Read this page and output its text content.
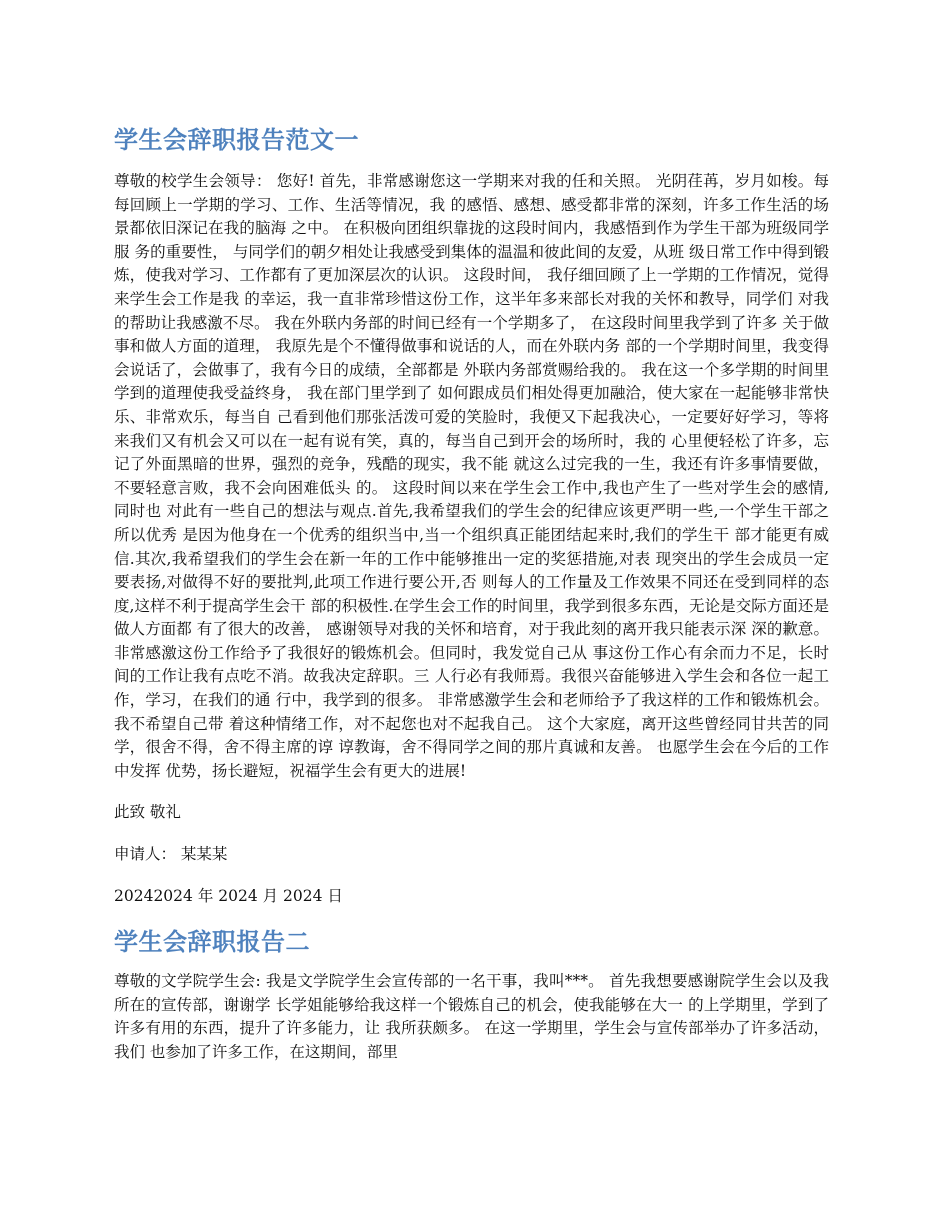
学生会辞职报告范文一

尊敬的校学生会领导： 您好! 首先，非常感谢您这一学期来对我的任和关照。 光阴荏苒，岁月如梭。每每回顾上一学期的学习、工作、生活等情况，我 的感悟、感想、感受都非常的深刻，许多工作生活的场景都依旧深记在我的脑海 之中。 在积极向团组织靠拢的这段时间内，我感悟到作为学生干部为班级同学服 务的重要性， 与同学们的朝夕相处让我感受到集体的温温和彼此间的友爱，从班 级日常工作中得到锻炼，使我对学习、工作都有了更加深层次的认识。 这段时间， 我仔细回顾了上一学期的工作情况，觉得来学生会工作是我 的幸运，我一直非常珍惜这份工作，这半年多来部长对我的关怀和教导，同学们 对我的帮助让我感激不尽。 我在外联内务部的时间已经有一个学期多了， 在这段时间里我学到了许多 关于做事和做人方面的道理， 我原先是个不懂得做事和说话的人，而在外联内务 部的一个学期时间里，我变得会说话了，会做事了，我有今日的成绩，全部都是 外联内务部赏赐给我的。 我在这一个多学期的时间里学到的道理使我受益终身， 我在部门里学到了 如何跟成员们相处得更加融洽，使大家在一起能够非常快乐、非常欢乐，每当自 己看到他们那张活泼可爱的笑脸时，我便又下起我决心，一定要好好学习，等将 来我们又有机会又可以在一起有说有笑，真的，每当自己到开会的场所时，我的 心里便轻松了许多，忘记了外面黑暗的世界，强烈的竞争，残酷的现实，我不能 就这么过完我的一生，我还有许多事情要做，不要轻意言败，我不会向困难低头 的。 这段时间以来在学生会工作中,我也产生了一些对学生会的感情,同时也 对此有一些自己的想法与观点.首先,我希望我们的学生会的纪律应该更严明一些,一个学生干部之所以优秀 是因为他身在一个优秀的组织当中,当一个组织真正能团结起来时,我们的学生干 部才能更有威信.其次,我希望我们的学生会在新一年的工作中能够推出一定的奖惩措施,对表 现突出的学生会成员一定要表扬,对做得不好的要批判,此项工作进行要公开,否 则每人的工作量及工作效果不同还在受到同样的态度,这样不利于提高学生会干 部的积极性.在学生会工作的时间里，我学到很多东西，无论是交际方面还是做人方面都 有了很大的改善， 感谢领导对我的关怀和培育，对于我此刻的离开我只能表示深 深的歉意。非常感激这份工作给予了我很好的锻炼机会。但同时，我发觉自己从 事这份工作心有余而力不足，长时间的工作让我有点吃不消。故我决定辞职。三 人行必有我师焉。我很兴奋能够进入学生会和各位一起工作，学习，在我们的通 行中，我学到的很多。 非常感激学生会和老师给予了我这样的工作和锻炼机会。 我不希望自己带 着这种情绪工作，对不起您也对不起我自己。 这个大家庭，离开这些曾经同甘共苦的同学，很舍不得，舍不得主席的谆 谆教诲，舍不得同学之间的那片真诚和友善。 也愿学生会在今后的工作中发挥 优势，扬长避短，祝福学生会有更大的进展!

此致 敬礼

申请人： 某某某

20242024 年 2024 月 2024 日

学生会辞职报告二

尊敬的文学院学生会: 我是文学院学生会宣传部的一名干事，我叫***。 首先我想要感谢院学生会以及我所在的宣传部，谢谢学 长学姐能够给我这样一个锻炼自己的机会，使我能够在大一 的上学期里，学到了许多有用的东西，提升了许多能力，让 我所获颇多。 在这一学期里，学生会与宣传部举办了许多活动，我们 也参加了许多工作，在这期间，部里
